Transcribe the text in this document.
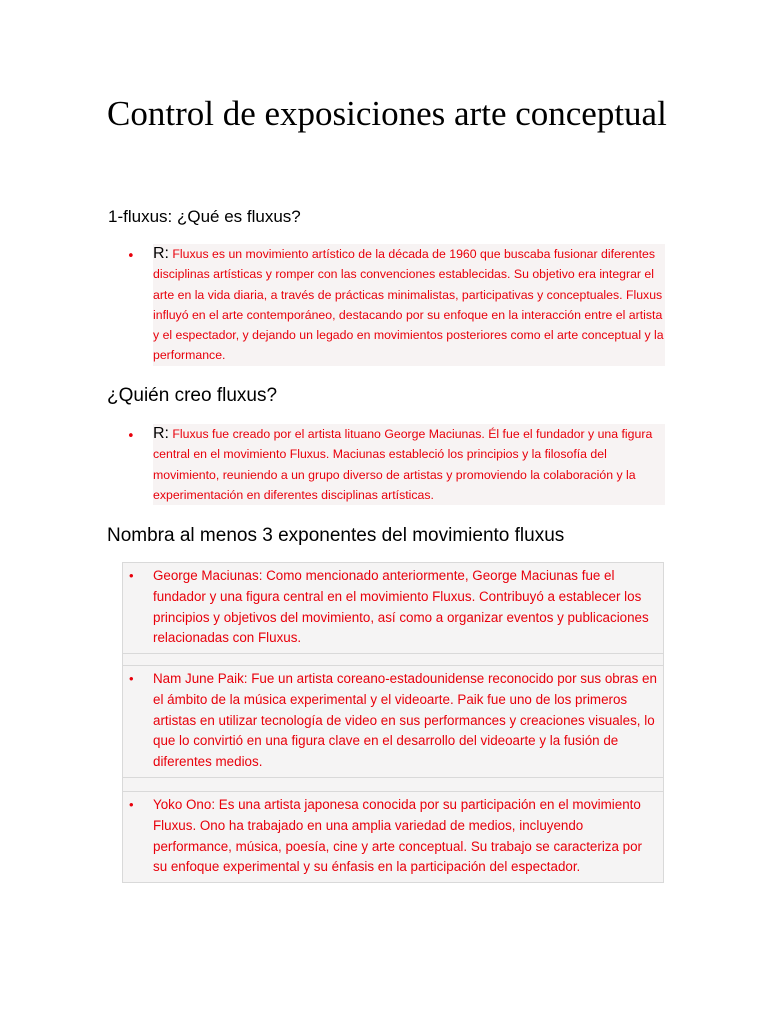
Control de exposiciones arte conceptual
1-fluxus: ¿Qué es fluxus?
• R: Fluxus es un movimiento artístico de la década de 1960 que buscaba fusionar diferentes disciplinas artísticas y romper con las convenciones establecidas. Su objetivo era integrar el arte en la vida diaria, a través de prácticas minimalistas, participativas y conceptuales. Fluxus influyó en el arte contemporáneo, destacando por su enfoque en la interacción entre el artista y el espectador, y dejando un legado en movimientos posteriores como el arte conceptual y la performance.
¿Quién creo fluxus?
• R: Fluxus fue creado por el artista lituano George Maciunas. Él fue el fundador y una figura central en el movimiento Fluxus. Maciunas estableció los principios y la filosofía del movimiento, reuniendo a un grupo diverso de artistas y promoviendo la colaboración y la experimentación en diferentes disciplinas artísticas.
Nombra al menos 3 exponentes del movimiento fluxus
• George Maciunas: Como mencionado anteriormente, George Maciunas fue el fundador y una figura central en el movimiento Fluxus. Contribuyó a establecer los principios y objetivos del movimiento, así como a organizar eventos y publicaciones relacionadas con Fluxus.
• Nam June Paik: Fue un artista coreano-estadounidense reconocido por sus obras en el ámbito de la música experimental y el videoarte. Paik fue uno de los primeros artistas en utilizar tecnología de video en sus performances y creaciones visuales, lo que lo convirtió en una figura clave en el desarrollo del videoarte y la fusión de diferentes medios.
• Yoko Ono: Es una artista japonesa conocida por su participación en el movimiento Fluxus. Ono ha trabajado en una amplia variedad de medios, incluyendo performance, música, poesía, cine y arte conceptual. Su trabajo se caracteriza por su enfoque experimental y su énfasis en la participación del espectador.
